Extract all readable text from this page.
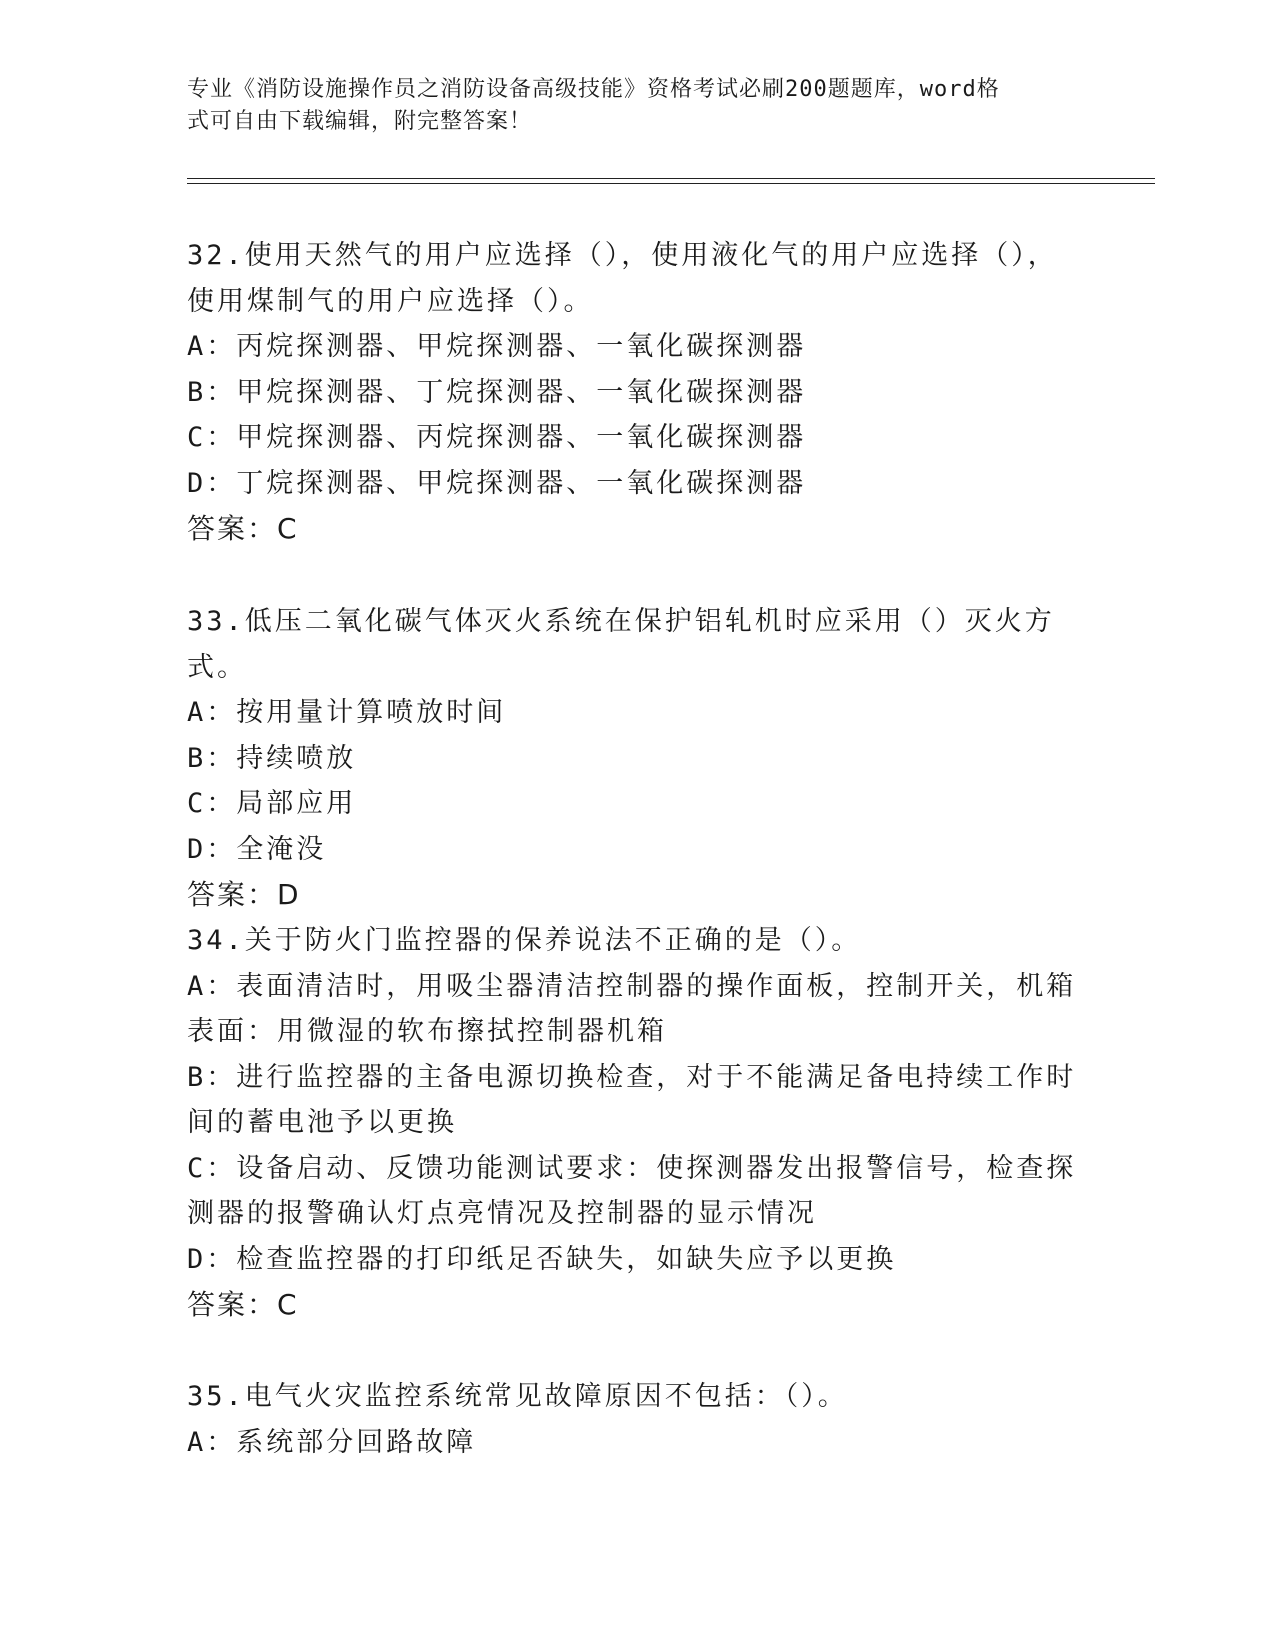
专业《消防设施操作员之消防设备高级技能》资格考试必刷200题题库，word格
式可自由下载编辑，附完整答案！
32.使用天然气的用户应选择（），使用液化气的用户应选择（），使用煤制气的用户应选择（）。
A：丙烷探测器、甲烷探测器、一氧化碳探测器
B：甲烷探测器、丁烷探测器、一氧化碳探测器
C：甲烷探测器、丙烷探测器、一氧化碳探测器
D：丁烷探测器、甲烷探测器、一氧化碳探测器
答案：C
33.低压二氧化碳气体灭火系统在保护铝轧机时应采用（）灭火方式。
A：按用量计算喷放时间
B：持续喷放
C：局部应用
D：全淹没
答案：D
34.关于防火门监控器的保养说法不正确的是（）。
A：表面清洁时，用吸尘器清洁控制器的操作面板，控制开关，机箱表面：用微湿的软布擦拭控制器机箱
B：进行监控器的主备电源切换检查，对于不能满足备电持续工作时间的蓄电池予以更换
C：设备启动、反馈功能测试要求：使探测器发出报警信号，检查探测器的报警确认灯点亮情况及控制器的显示情况
D：检查监控器的打印纸足否缺失，如缺失应予以更换
答案：C
35.电气火灾监控系统常见故障原因不包括：（）。
A：系统部分回路故障
